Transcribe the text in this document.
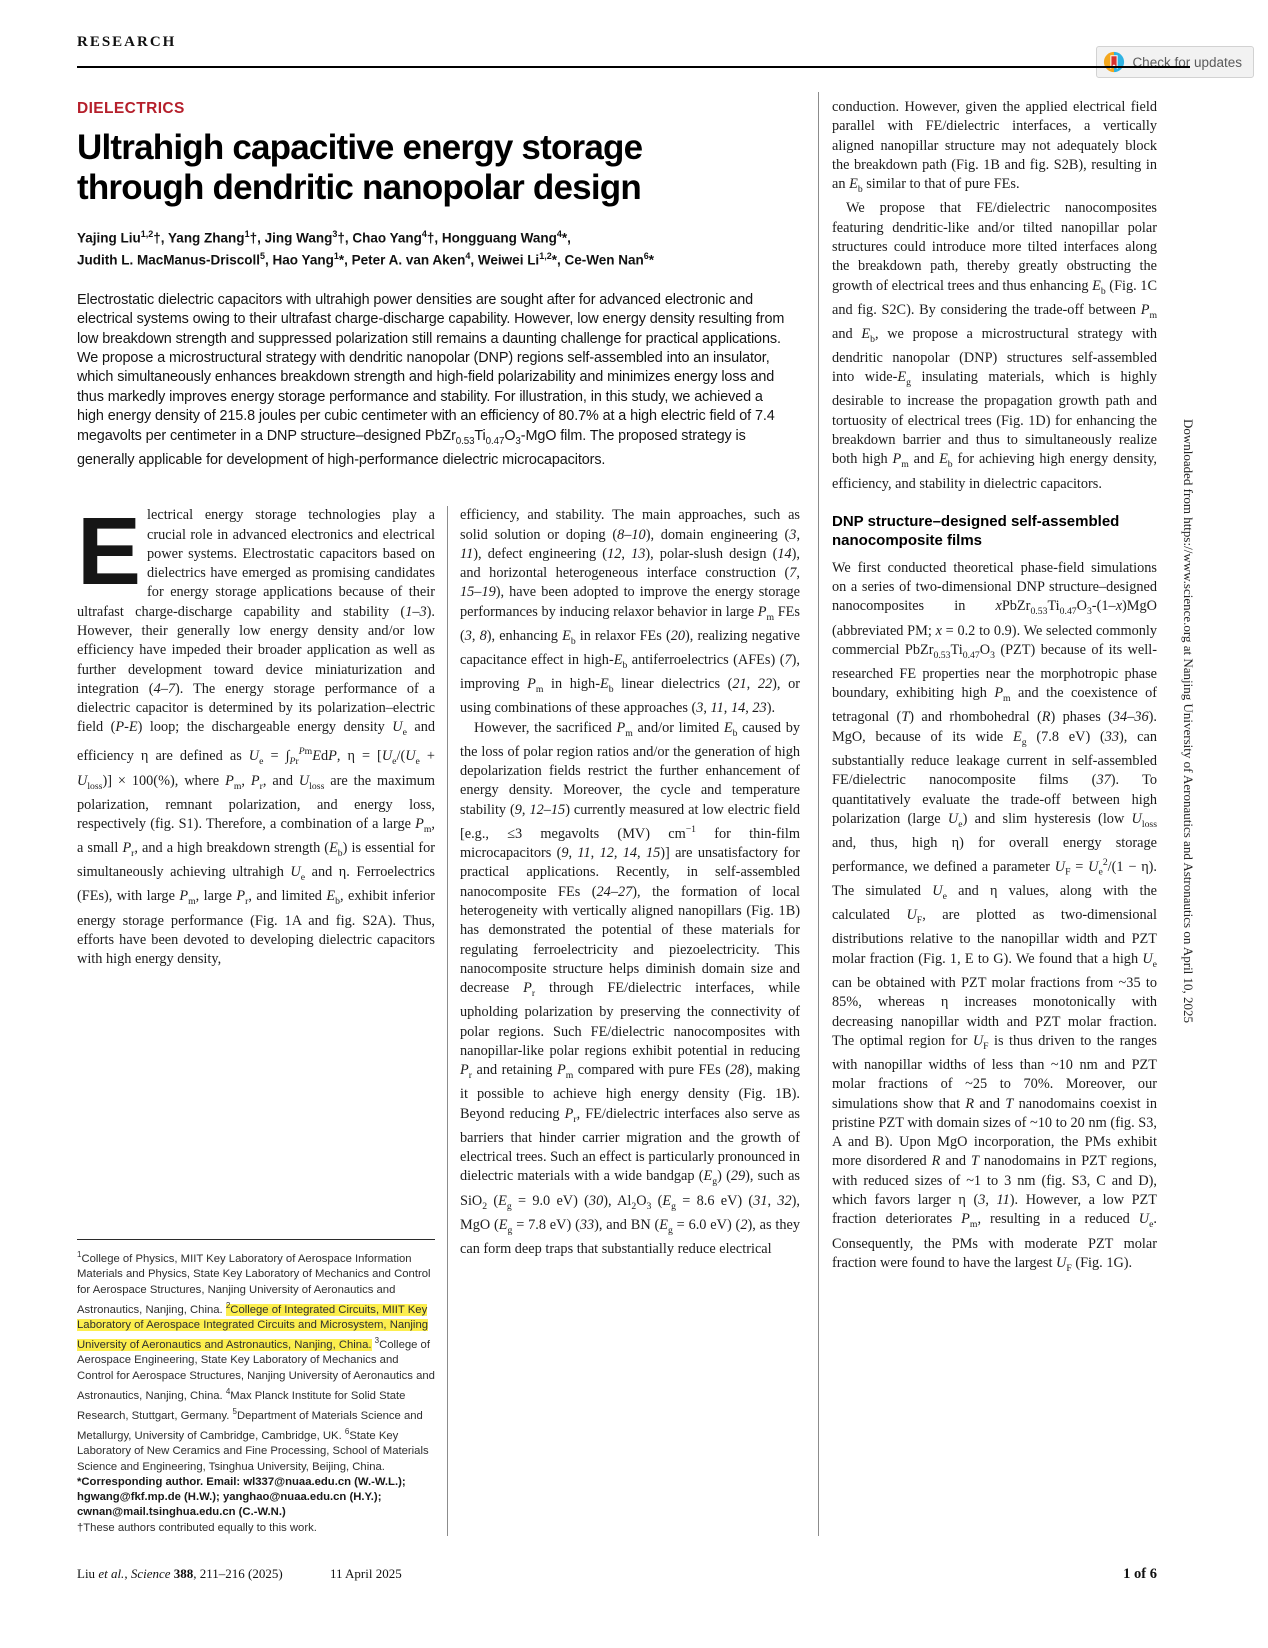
Check for updates
RESEARCH
DIELECTRICS
Ultrahigh capacitive energy storage through dendritic nanopolar design
Yajing Liu$^{1,2}$†, Yang Zhang$^1$†, Jing Wang$^3$†, Chao Yang$^4$†, Hongguang Wang$^4$*,
Judith L. MacManus-Driscoll$^5$, Hao Yang$^1$*, Peter A. van Aken$^4$, Weiwei Li$^{1,2}$*, Ce-Wen Nan$^6$*
Electrostatic dielectric capacitors with ultrahigh power densities are sought after for advanced electronic and electrical systems owing to their ultrafast charge-discharge capability. However, low energy density resulting from low breakdown strength and suppressed polarization still remains a daunting challenge for practical applications. We propose a microstructural strategy with dendritic nanopolar (DNP) regions self-assembled into an insulator, which simultaneously enhances breakdown strength and high-field polarizability and minimizes energy loss and thus markedly improves energy storage performance and stability. For illustration, in this study, we achieved a high energy density of 215.8 joules per cubic centimeter with an efficiency of 80.7% at a high electric field of 7.4 megavolts per centimeter in a DNP structure–designed $PbZr_{0.53}Ti_{0.47}O_3$-MgO film. The proposed strategy is generally applicable for development of high-performance dielectric microcapacitors.

Electrical energy storage technologies play a crucial role in advanced electronics and electrical power systems. Electrostatic capacitors based on dielectrics have emerged as promising candidates for energy storage applications because of their ultrafast charge-discharge capability and stability (1–3). However, their generally low energy density and/or low efficiency have impeded their broader application as well as further development toward device miniaturization and integration (4–7). The energy storage performance of a dielectric capacitor is determined by its polarization–electric field (P-E) loop; the dischargeable energy density $U_e$ and efficiency η are defined as $U_e = \int_{Pr}^{Pm}EdP$, $\eta = [U_e/(U_e + U_{loss})] \times 100(\%)$, where $P_m$, $P_r$, and $U_{loss}$ are the maximum polarization, remnant polarization, and energy loss, respectively (fig. S1). Therefore, a combination of a large $P_m$, a small $P_r$, and a high breakdown strength $(E_b)$ is essential for simultaneously achieving ultrahigh $U_e$ and η. Ferroelectrics (FEs), with large $P_m$, large $P_r$, and limited $E_b$, exhibit inferior energy storage performance (Fig. 1A and fig. S2A). Thus, efforts have been devoted to developing dielectric capacitors with high energy density,

$^1$College of Physics, MIIT Key Laboratory of Aerospace Information Materials and Physics, State Key Laboratory of Mechanics and Control for Aerospace Structures, Nanjing University of Aeronautics and Astronautics, Nanjing, China. $^2$College of Integrated Circuits, MIIT Key Laboratory of Aerospace Integrated Circuits and Microsystem, Nanjing University of Aeronautics and Astronautics, Nanjing, China. $^3$College of Aerospace Engineering, State Key Laboratory of Mechanics and Control for Aerospace Structures, Nanjing University of Aeronautics and Astronautics, Nanjing, China. $^4$Max Planck Institute for Solid State Research, Stuttgart, Germany. $^5$Department of Materials Science and Metallurgy, University of Cambridge, Cambridge, UK. $^6$State Key Laboratory of New Ceramics and Fine Processing, School of Materials Science and Engineering, Tsinghua University, Beijing, China.

*Corresponding author. Email: wl337@nuaa.edu.cn (W.-W.L.); hgwang@fkf.mp.de (H.W.); yanghao@nuaa.edu.cn (H.Y.); cwnan@mail.tsinghua.edu.cn (C.-W.N.)

†These authors contributed equally to this work.

efficiency, and stability. The main approaches, such as solid solution or doping (8–10), domain engineering (3, 11), defect engineering (12, 13), polar-slush design (14), and horizontal heterogeneous interface construction (7, 15–19), have been adopted to improve the energy storage performances by inducing relaxor behavior in large $P_m$ FEs (3, 8), enhancing $E_b$ in relaxor FEs (20), realizing negative capacitance effect in high-$E_b$ antiferroelectrics (AFEs) (7), improving $P_m$ in high-$E_b$ linear dielectrics (21, 22), or using combinations of these approaches (3, 11, 14, 23).

However, the sacrificed $P_m$ and/or limited $E_b$ caused by the loss of polar region ratios and/or the generation of high depolarization fields restrict the further enhancement of energy density. Moreover, the cycle and temperature stability (9, 12–15) currently measured at low electric field [e.g., ≤3 megavolts (MV) $cm^{-1}$ for thin-film microcapacitors (9, 11, 12, 14, 15)] are unsatisfactory for practical applications. Recently, in self-assembled nanocomposite FEs (24–27), the formation of local heterogeneity with vertically aligned nanopillars (Fig. 1B) has demonstrated the potential of these materials for regulating ferroelectricity and piezoelectricity. This nanocomposite structure helps diminish domain size and decrease $P_r$ through FE/dielectric interfaces, while upholding polarization by preserving the connectivity of polar regions. Such FE/dielectric nanocomposites with nanopillar-like polar regions exhibit potential in reducing $P_r$ and retaining $P_m$ compared with pure FEs (28), making it possible to achieve high energy density (Fig. 1B). Beyond reducing $P_r$, FE/dielectric interfaces also serve as barriers that hinder carrier migration and the growth of electrical trees. Such an effect is particularly pronounced in dielectric materials with a wide bandgap $(E_g)$ (29), such as SiO$_2$ ($E_g = 9.0$ eV) (30), $Al_2O_3$ ($E_g = 8.6$ eV) (31, 32), MgO ($E_g = 7.8$ eV) (33), and BN ($E_g = 6.0$ eV) (2), as they can form deep traps that substantially reduce electrical

conduction. However, given the applied electrical field parallel with FE/dielectric interfaces, a vertically aligned nanopillar structure may not adequately block the breakdown path (Fig. 1B and fig. S2B), resulting in an $E_b$ similar to that of pure FEs.

We propose that FE/dielectric nanocomposites featuring dendritic-like and/or tilted nanopillar polar structures could introduce more tilted interfaces along the breakdown path, thereby greatly obstructing the growth of electrical trees and thus enhancing $E_b$ (Fig. 1C and fig. S2C). By considering the trade-off between $P_m$ and $E_b$, we propose a microstructural strategy with dendritic nanopolar (DNP) structures self-assembled into wide-$E_g$ insulating materials, which is highly desirable to increase the propagation growth path and tortuosity of electrical trees (Fig. 1D) for enhancing the breakdown barrier and thus to simultaneously realize both high $P_m$ and $E_b$ for achieving high energy density, efficiency, and stability in dielectric capacitors.

DNP structure–designed self-assembled nanocomposite films

We first conducted theoretical phase-field simulations on a series of two-dimensional DNP structure–designed nanocomposites in $xPbZr_{0.53}Ti_{0.47}O_3-(1-x)MgO$ (abbreviated PM; x = 0.2 to 0.9). We selected commonly commercial $PbZr_{0.53}Ti_{0.47}O_3$ (PZT) because of its well-researched FE properties near the morphotropic phase boundary, exhibiting high $P_m$ and the coexistence of tetragonal (T) and rhombohedral (R) phases (34–36). MgO, because of its wide $E_g$ (7.8 eV) (33), can substantially reduce leakage current in self-assembled FE/dielectric nanocomposite films (37). To quantitatively evaluate the trade-off between high polarization (large $U_e$) and slim hysteresis (low $U_{loss}$ and, thus, high η) for overall energy storage performance, we defined a parameter $U_F = U_e^2/(1 - \eta)$. The simulated $U_e$ and η values, along with the calculated $U_F$, are plotted as two-dimensional distributions relative to the nanopillar width and PZT molar fraction (Fig. 1, E to G). We found that a high $U_e$ can be obtained with PZT molar fractions from ~35 to 85%, whereas η increases monotonically with decreasing nanopillar width and PZT molar fraction. The optimal region for $U_F$ is thus driven to the ranges with nanopillar widths of less than ~10 nm and PZT molar fractions of ~25 to 70%. Moreover, our simulations show that R and T nanodomains coexist in pristine PZT with domain sizes of ~10 to 20 nm (fig. S3, A and B). Upon MgO incorporation, the PMs exhibit more disordered R and T nanodomains in PZT regions, with reduced sizes of ~1 to 3 nm (fig. S3, C and D), which favors larger η (3, 11). However, a low PZT fraction deteriorates $P_m$, resulting in a reduced $U_e$. Consequently, the PMs with moderate PZT molar fraction were found to have the largest $U_F$ (Fig. 1G).

Liu et al., Science 388, 211–216 (2025)	11 April 2025	1 of 6
Downloaded from https://www.science.org at Nanjing University of Aeronautics and Astronautics on April 10, 2025
